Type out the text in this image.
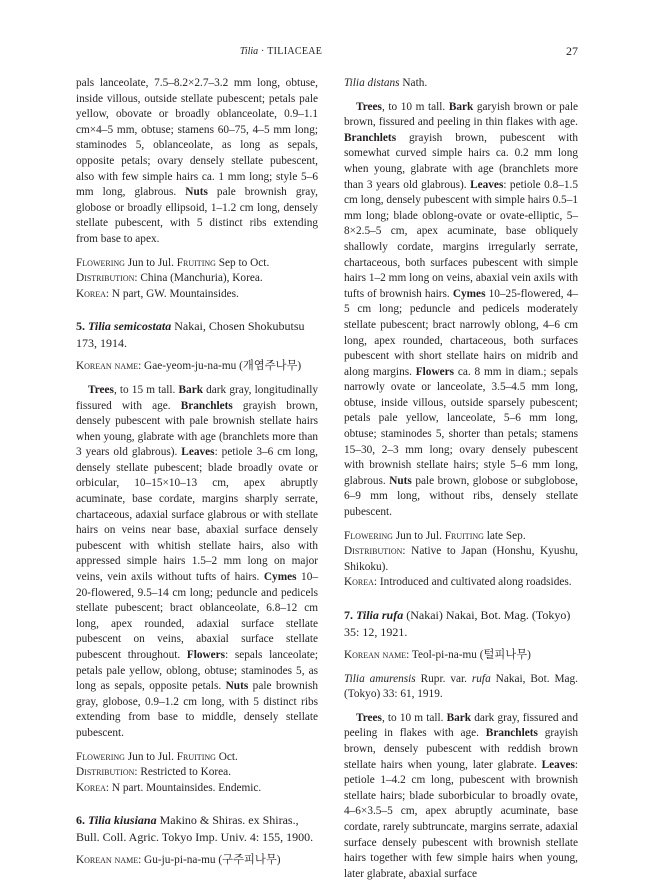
Tilia · TILIACEAE	27

pals lanceolate, 7.5–8.2×2.7–3.2 mm long, obtuse, inside villous, outside stellate pubescent; petals pale yellow, obovate or broadly oblanceolate, 0.9–1.1 cm×4–5 mm, obtuse; stamens 60–75, 4–5 mm long; staminodes 5, oblanceolate, as long as sepals, opposite petals; ovary densely stellate pubescent, also with few simple hairs ca. 1 mm long; style 5–6 mm long, glabrous. Nuts pale brownish gray, globose or broadly ellipsoid, 1–1.2 cm long, densely stellate pubescent, with 5 distinct ribs extending from base to apex.

Flowering Jun to Jul. Fruiting Sep to Oct.

Distribution: China (Manchuria), Korea.

Korea: N part, GW. Mountainsides.

5. Tilia semicostata Nakai, Chosen Shokubutsu 173, 1914.

Korean name: Gae-yeom-ju-na-mu (개염주나무)

Trees, to 15 m tall. Bark dark gray, longitudinally fissured with age. Branchlets grayish brown, densely pubescent with pale brownish stellate hairs when young, glabrate with age (branchlets more than 3 years old glabrous). Leaves: petiole 3–6 cm long, densely stellate pubescent; blade broadly ovate or orbicular, 10–15×10–13 cm, apex abruptly acuminate, base cordate, margins sharply serrate, chartaceous, adaxial surface glabrous or with stellate hairs on veins near base, abaxial surface densely pubescent with whitish stellate hairs, also with appressed simple hairs 1.5–2 mm long on major veins, vein axils without tufts of hairs. Cymes 10–20-flowered, 9.5–14 cm long; peduncle and pedicels stellate pubescent; bract oblanceolate, 6.8–12 cm long, apex rounded, adaxial surface stellate pubescent on veins, abaxial surface stellate pubescent throughout. Flowers: sepals lanceolate; petals pale yellow, oblong, obtuse; staminodes 5, as long as sepals, opposite petals. Nuts pale brownish gray, globose, 0.9–1.2 cm long, with 5 distinct ribs extending from base to middle, densely stellate pubescent.

Flowering Jun to Jul. Fruiting Oct.

Distribution: Restricted to Korea.

Korea: N part. Mountainsides. Endemic.

6. Tilia kiusiana Makino & Shiras. ex Shiras., Bull. Coll. Agric. Tokyo Imp. Univ. 4: 155, 1900.

Korean name: Gu-ju-pi-na-mu (구주피나무)

Tilia distans Nath.

Trees, to 10 m tall. Bark garyish brown or pale brown, fissured and peeling in thin flakes with age. Branchlets grayish brown, pubescent with somewhat curved simple hairs ca. 0.2 mm long when young, glabrate with age (branchlets more than 3 years old glabrous). Leaves: petiole 0.8–1.5 cm long, densely pubescent with simple hairs 0.5–1 mm long; blade oblong-ovate or ovate-elliptic, 5–8×2.5–5 cm, apex acuminate, base obliquely shallowly cordate, margins irregularly serrate, chartaceous, both surfaces pubescent with simple hairs 1–2 mm long on veins, abaxial vein axils with tufts of brownish hairs. Cymes 10–25-flowered, 4–5 cm long; peduncle and pedicels moderately stellate pubescent; bract narrowly oblong, 4–6 cm long, apex rounded, chartaceous, both surfaces pubescent with short stellate hairs on midrib and along margins. Flowers ca. 8 mm in diam.; sepals narrowly ovate or lanceolate, 3.5–4.5 mm long, obtuse, inside villous, outside sparsely pubescent; petals pale yellow, lanceolate, 5–6 mm long, obtuse; staminodes 5, shorter than petals; stamens 15–30, 2–3 mm long; ovary densely pubescent with brownish stellate hairs; style 5–6 mm long, glabrous. Nuts pale brown, globose or subglobose, 6–9 mm long, without ribs, densely stellate pubescent.

Flowering Jun to Jul. Fruiting late Sep.

Distribution: Native to Japan (Honshu, Kyushu, Shikoku).

Korea: Introduced and cultivated along roadsides.

7. Tilia rufa (Nakai) Nakai, Bot. Mag. (Tokyo) 35: 12, 1921.

Korean name: Teol-pi-na-mu (털피나무)

Tilia amurensis Rupr. var. rufa Nakai, Bot. Mag. (Tokyo) 33: 61, 1919.

Trees, to 10 m tall. Bark dark gray, fissured and peeling in flakes with age. Branchlets grayish brown, densely pubescent with reddish brown stellate hairs when young, later glabrate. Leaves: petiole 1–4.2 cm long, pubescent with brownish stellate hairs; blade suborbicular to broadly ovate, 4–6×3.5–5 cm, apex abruptly acuminate, base cordate, rarely subtruncate, margins serrate, adaxial surface densely pubescent with brownish stellate hairs together with few simple hairs when young, later glabrate, abaxial surface
